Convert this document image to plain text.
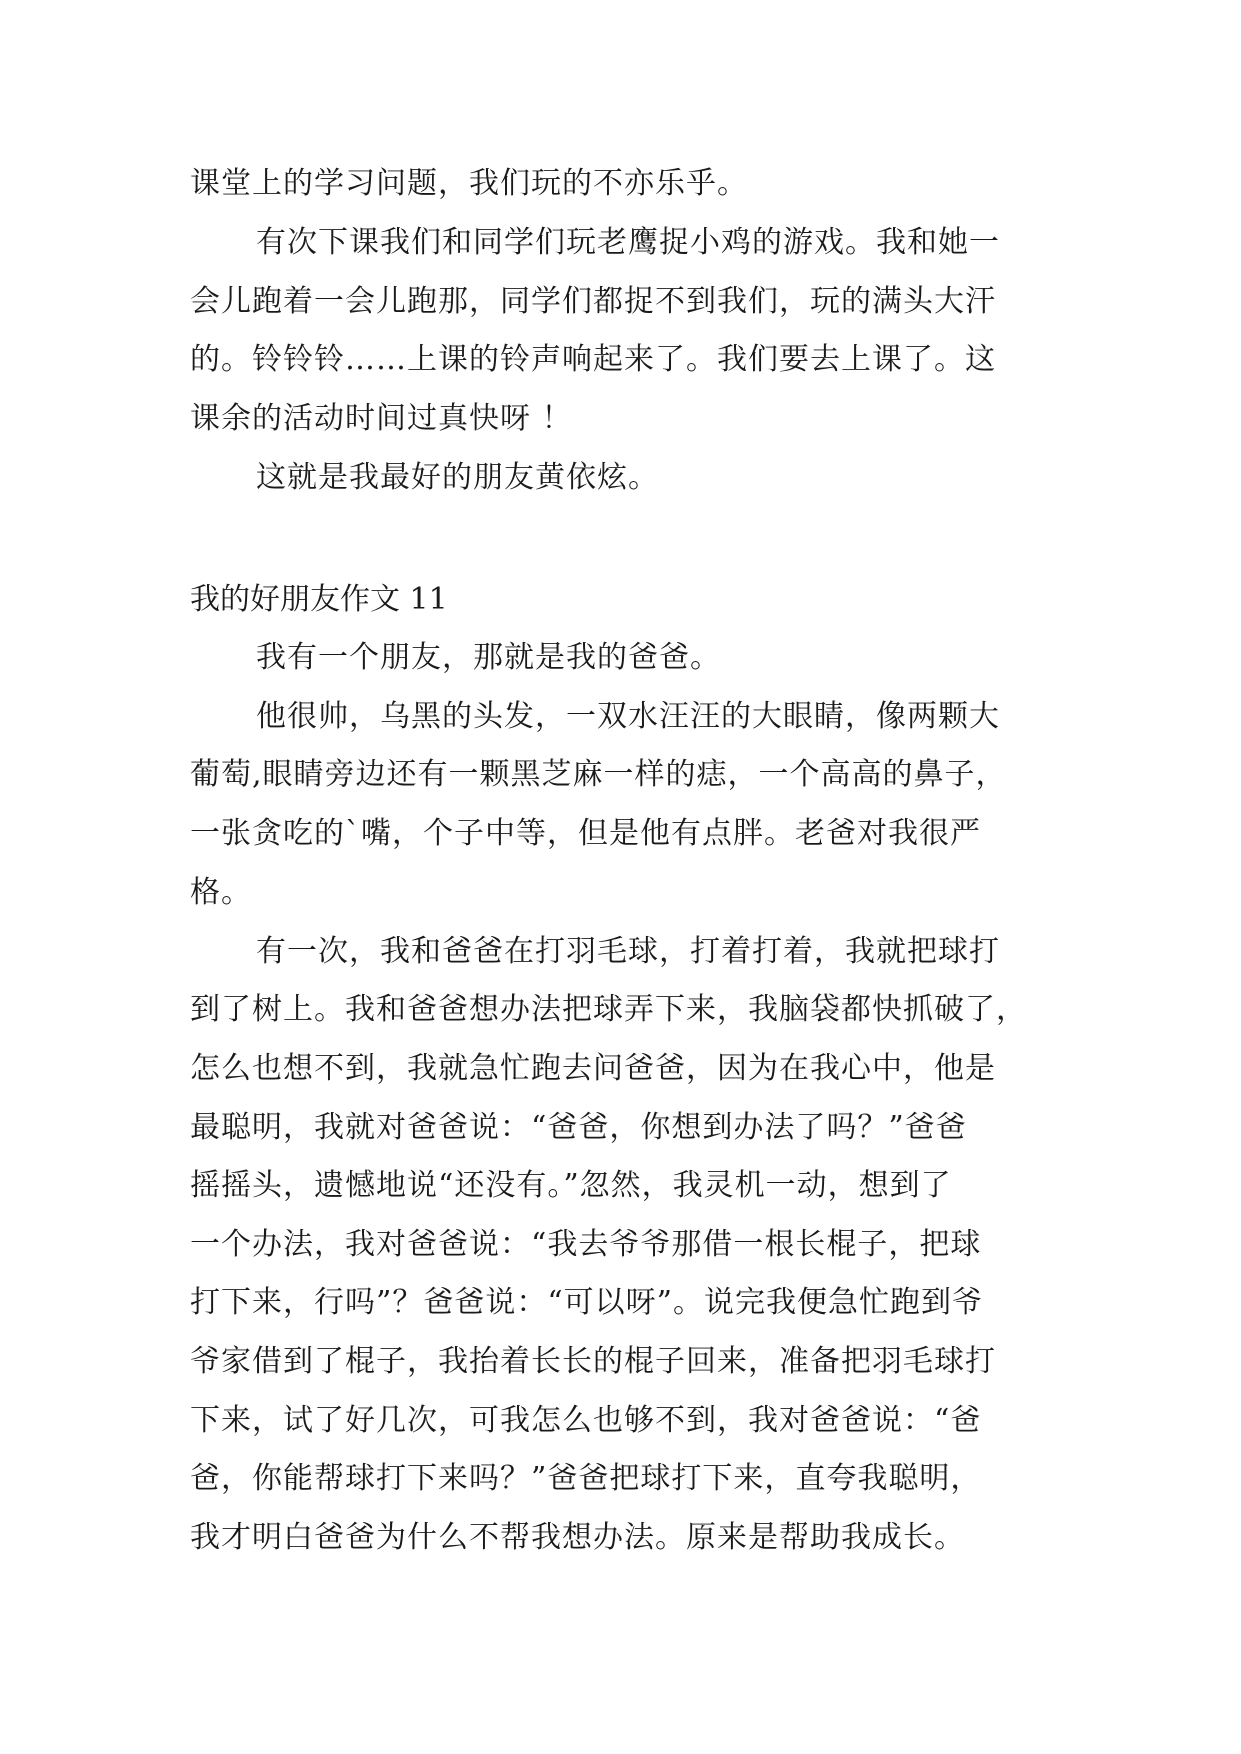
课堂上的学习问题，我们玩的不亦乐乎。
有次下课我们和同学们玩老鹰捉小鸡的游戏。我和她一
会儿跑着一会儿跑那，同学们都捉不到我们，玩的满头大汗
的。铃铃铃……上课的铃声响起来了。我们要去上课了。这
课余的活动时间过真快呀 ！
这就是我最好的朋友黄依炫。
我的好朋友作文 11
我有一个朋友，那就是我的爸爸。
他很帅，乌黑的头发，一双水汪汪的大眼睛，像两颗大
葡萄,眼睛旁边还有一颗黑芝麻一样的痣，一个高高的鼻子，
一张贪吃的`嘴，个子中等，但是他有点胖。老爸对我很严
格。
有一次，我和爸爸在打羽毛球，打着打着，我就把球打
到了树上。我和爸爸想办法把球弄下来，我脑袋都快抓破了，
怎么也想不到，我就急忙跑去问爸爸，因为在我心中，他是
最聪明，我就对爸爸说：“爸爸，你想到办法了吗？”爸爸
摇摇头，遗憾地说“还没有。”忽然，我灵机一动，想到了
一个办法，我对爸爸说：“我去爷爷那借一根长棍子，把球
打下来，行吗”？爸爸说：“可以呀”。说完我便急忙跑到爷
爷家借到了棍子，我抬着长长的棍子回来，准备把羽毛球打
下来，试了好几次，可我怎么也够不到，我对爸爸说：“爸
爸，你能帮球打下来吗？”爸爸把球打下来，直夸我聪明，
我才明白爸爸为什么不帮我想办法。原来是帮助我成长。
